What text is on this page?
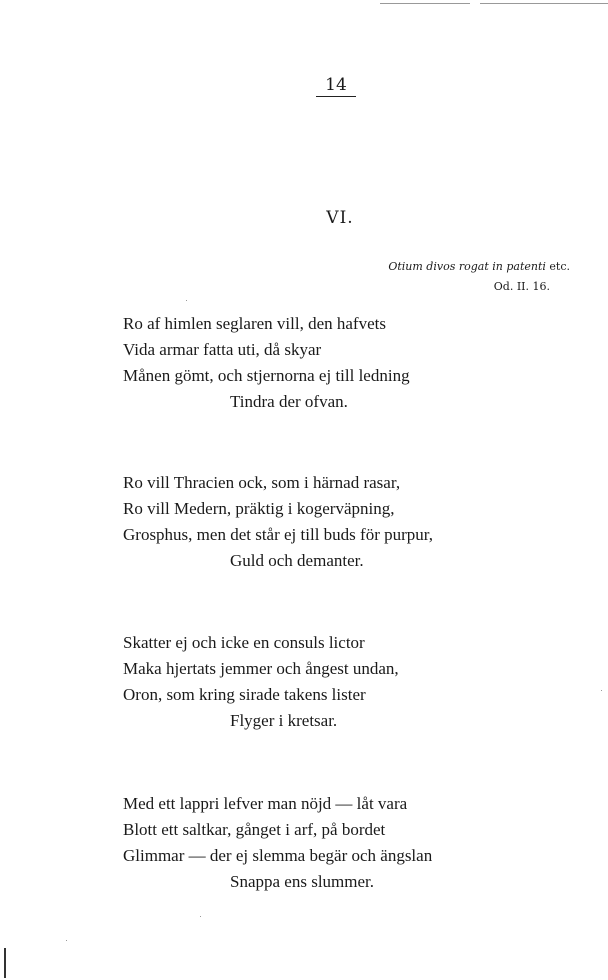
14
VI.
Otium divos rogat in patenti etc.
Od. II. 16.
Ro af himlen seglaren vill, den hafvets
Vida armar fatta uti, då skyar
Månen gömt, och stjernorna ej till ledning
Tindra der ofvan.
Ro vill Thracien ock, som i härnad rasar,
Ro vill Medern, präktig i kogerväpning,
Grosphus, men det står ej till buds för purpur,
Guld och demanter.
Skatter ej och icke en consuls lictor
Maka hjertats jemmer och ångest undan,
Oron, som kring sirade takens lister
Flyger i kretsar.
Med ett lappri lefver man nöjd — låt vara
Blott ett saltkar, gånget i arf, på bordet
Glimmar — der ej slemma begär och ängslan
Snappa ens slummer.
